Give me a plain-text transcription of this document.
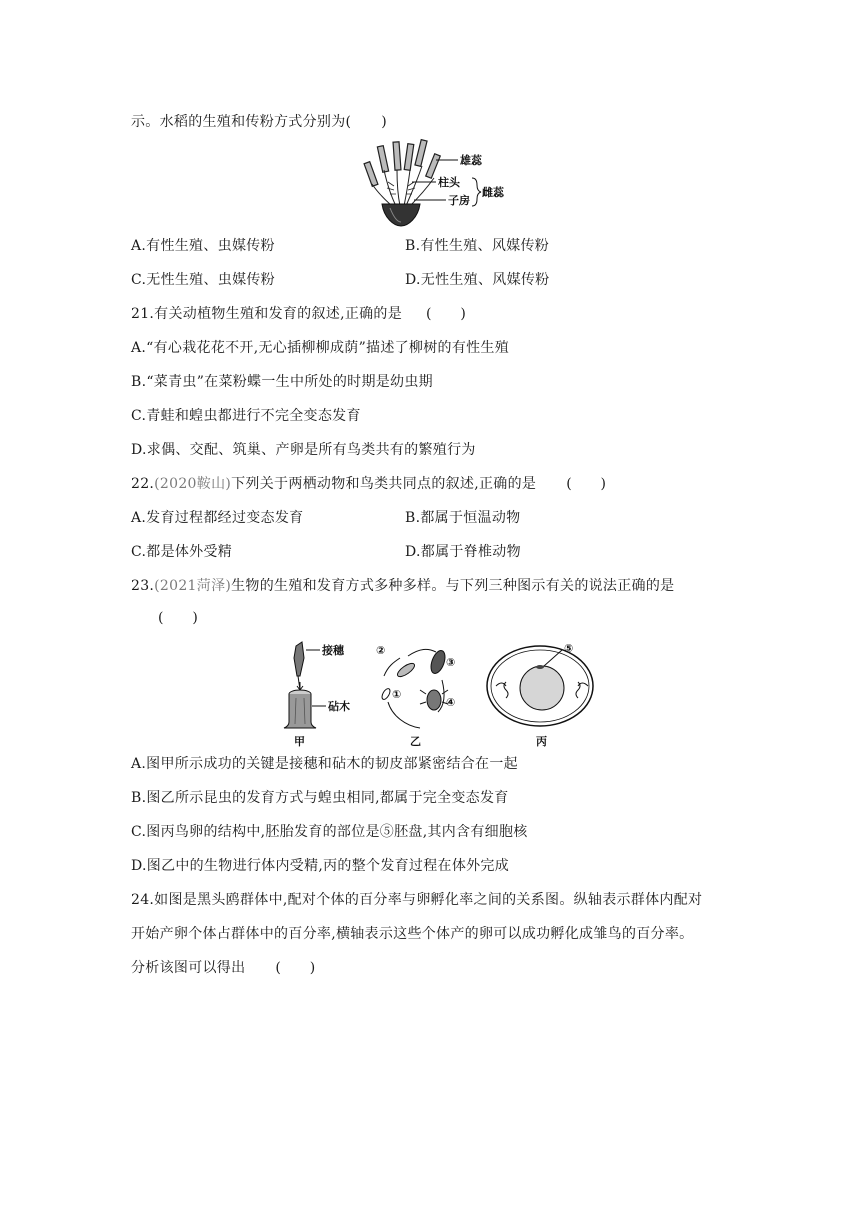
示。水稻的生殖和传粉方式分别为( )
雄蕊
柱头
子房
雌蕊
A.有性生殖、虫媒传粉	B.有性生殖、风媒传粉
C.无性生殖、虫媒传粉	D.无性生殖、风媒传粉
21.有关动植物生殖和发育的叙述,正确的是 (　　)
A.“有心栽花花不开,无心插柳柳成荫”描述了柳树的有性生殖
B.“菜青虫”在菜粉蝶一生中所处的时期是幼虫期
C.青蛙和蝗虫都进行不完全变态发育
D.求偶、交配、筑巢、产卵是所有鸟类共有的繁殖行为
22.(2020鞍山)下列关于两栖动物和鸟类共同点的叙述,正确的是 (　　)
A.发育过程都经过变态发育	B.都属于恒温动物
C.都是体外受精	D.都属于脊椎动物
23.(2021菏泽)生物的生殖和发育方式多种多样。与下列三种图示有关的说法正确的是
(　　)
接穗
砧木
甲
②
③
①
④
乙
⑤
丙
A.图甲所示成功的关键是接穗和砧木的韧皮部紧密结合在一起
B.图乙所示昆虫的发育方式与蝗虫相同,都属于完全变态发育
C.图丙鸟卵的结构中,胚胎发育的部位是⑤胚盘,其内含有细胞核
D.图乙中的生物进行体内受精,丙的整个发育过程在体外完成
24.如图是黑头鸥群体中,配对个体的百分率与卵孵化率之间的关系图。纵轴表示群体内配对
开始产卵个体占群体中的百分率,横轴表示这些个体产的卵可以成功孵化成雏鸟的百分率。
分析该图可以得出 (　　)
